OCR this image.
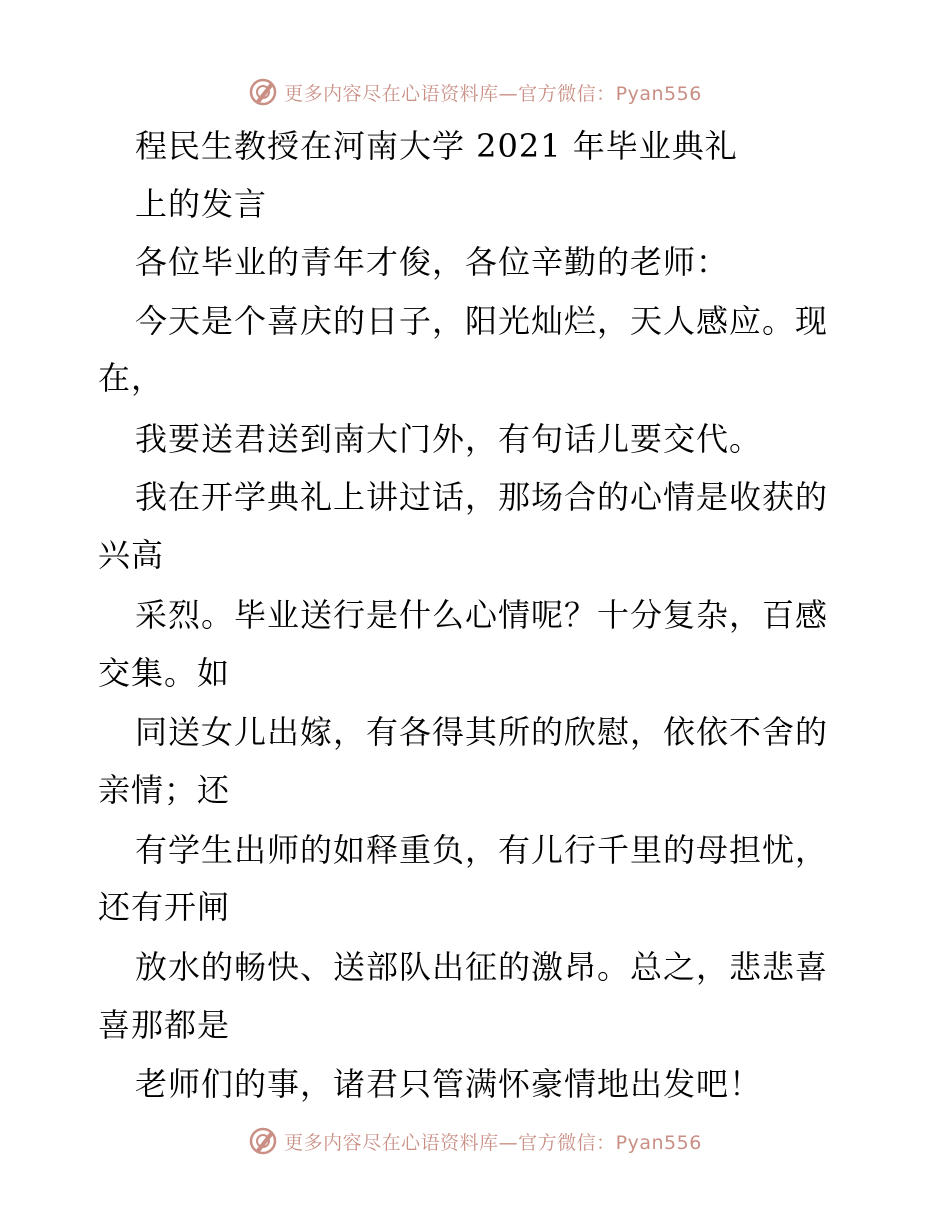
更多内容尽在心语资料库—官方微信：Pyan556
程民生教授在河南大学 2021 年毕业典礼
上的发言
各位毕业的青年才俊，各位辛勤的老师：
今天是个喜庆的日子，阳光灿烂，天人感应。现
在，
我要送君送到南大门外，有句话儿要交代。
我在开学典礼上讲过话，那场合的心情是收获的
兴高
采烈。毕业送行是什么心情呢？十分复杂，百感
交集。如
同送女儿出嫁，有各得其所的欣慰，依依不舍的
亲情；还
有学生出师的如释重负，有儿行千里的母担忧，
还有开闸
放水的畅快、送部队出征的激昂。总之，悲悲喜
喜那都是
老师们的事，诸君只管满怀豪情地出发吧！
更多内容尽在心语资料库—官方微信：Pyan556
